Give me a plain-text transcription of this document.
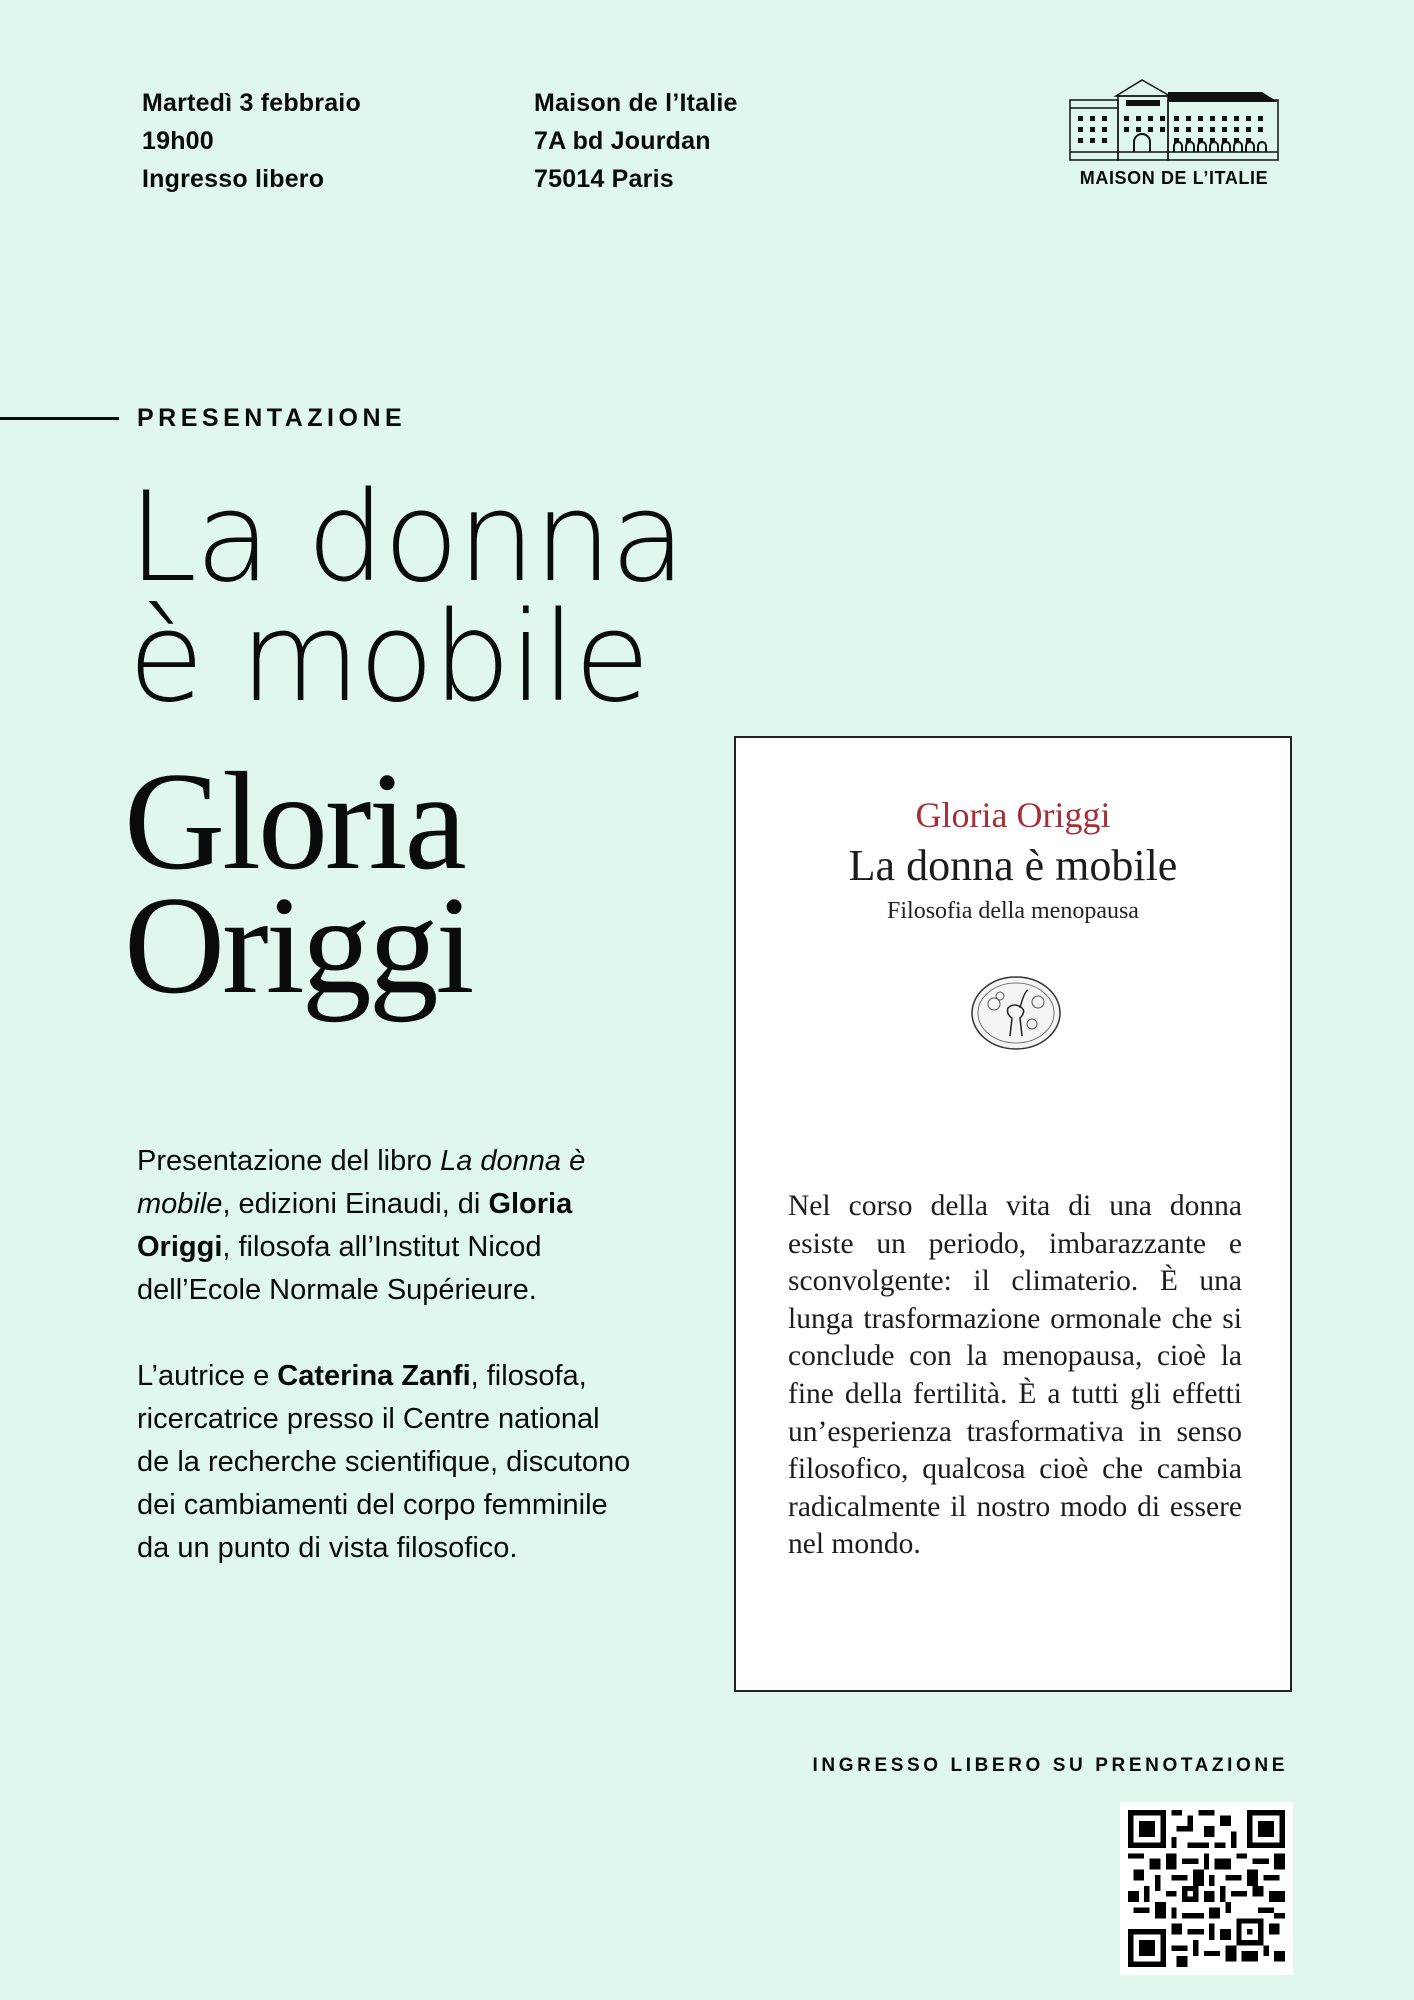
Martedì 3 febbraio
19h00
Ingresso libero
Maison de l’Italie
7A bd Jourdan
75014 Paris	MAISON DE L’ITALIE
PRESENTAZIONE
La donna
è mobile
Gloria
Origgi

Presentazione del libro La donna è mobile, edizioni Einaudi, di Gloria Origgi, filosofa all’Institut Nicod dell’Ecole Normale Supérieure.

L’autrice e Caterina Zanfi, filosofa, ricercatrice presso il Centre national de la recherche scientifique, discutono dei cambiamenti del corpo femminile da un punto di vista filosofico.

Gloria Origgi
La donna è mobile
Filosofia della menopausa
Nel corso della vita di una donna esiste un periodo, imbarazzante e sconvolgente: il climaterio. È una lunga trasformazione ormonale che si conclude con la menopausa, cioè la fine della fertilità. È a tutti gli effetti un’esperienza trasformativa in senso filosofico, qualcosa cioè che cambia radicalmente il nostro modo di essere nel mondo.
INGRESSO LIBERO SU PRENOTAZIONE
